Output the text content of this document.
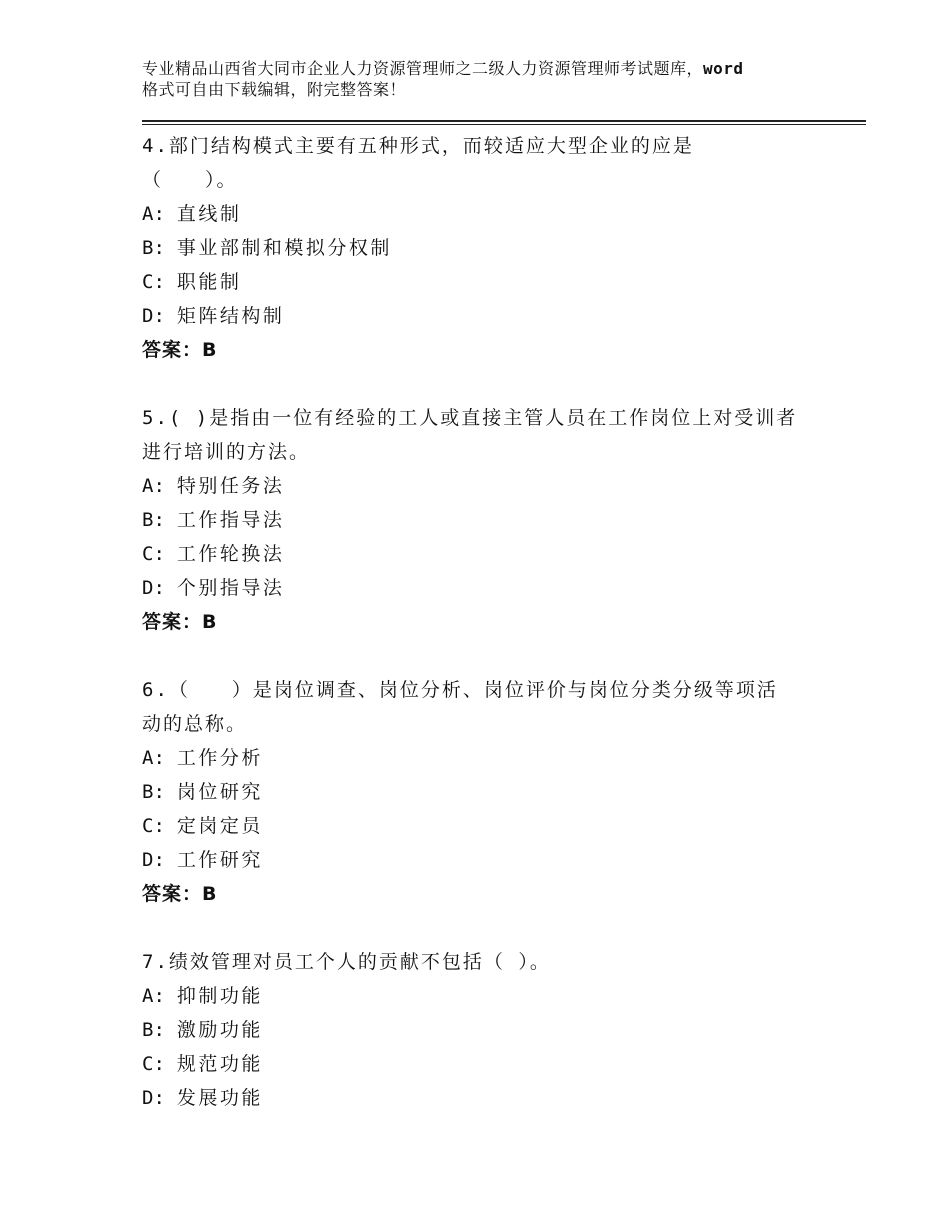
专业精品山西省大同市企业人力资源管理师之二级人力资源管理师考试题库，word
格式可自由下载编辑，附完整答案！
4.部门结构模式主要有五种形式，而较适应大型企业的应是
（　　）。
A: 直线制
B: 事业部制和模拟分权制
C: 职能制
D: 矩阵结构制
答案：B
5.( )是指由一位有经验的工人或直接主管人员在工作岗位上对受训者
进行培训的方法。
A: 特别任务法
B: 工作指导法
C: 工作轮换法
D: 个别指导法
答案：B
6.（　　）是岗位调查、岗位分析、岗位评价与岗位分类分级等项活
动的总称。
A: 工作分析
B: 岗位研究
C: 定岗定员
D: 工作研究
答案：B
7.绩效管理对员工个人的贡献不包括（ ）。
A: 抑制功能
B: 激励功能
C: 规范功能
D: 发展功能
